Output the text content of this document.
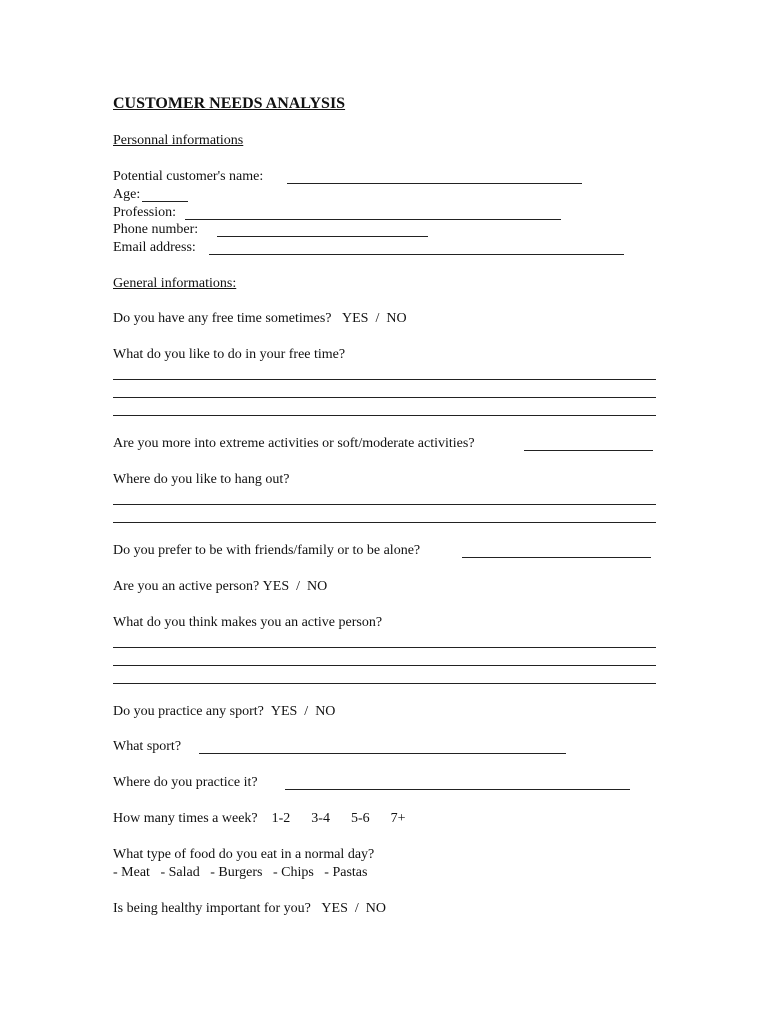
CUSTOMER NEEDS ANALYSIS
Personnal informations
Potential customer's name:
Age:
Profession:
Phone number:
Email address:
General informations:
Do you have any free time sometimes? YES / NO
What do you like to do in your free time?
Are you more into extreme activities or soft/moderate activities?
Where do you like to hang out?
Do you prefer to be with friends/family or to be alone?
Are you an active person? YES / NO
What do you think makes you an active person?
Do you practice any sport? YES / NO
What sport?
Where do you practice it?
How many times a week? 1-2 3-4 5-6 7+
What type of food do you eat in a normal day?
- Meat - Salad - Burgers - Chips - Pastas
Is being healthy important for you? YES / NO
